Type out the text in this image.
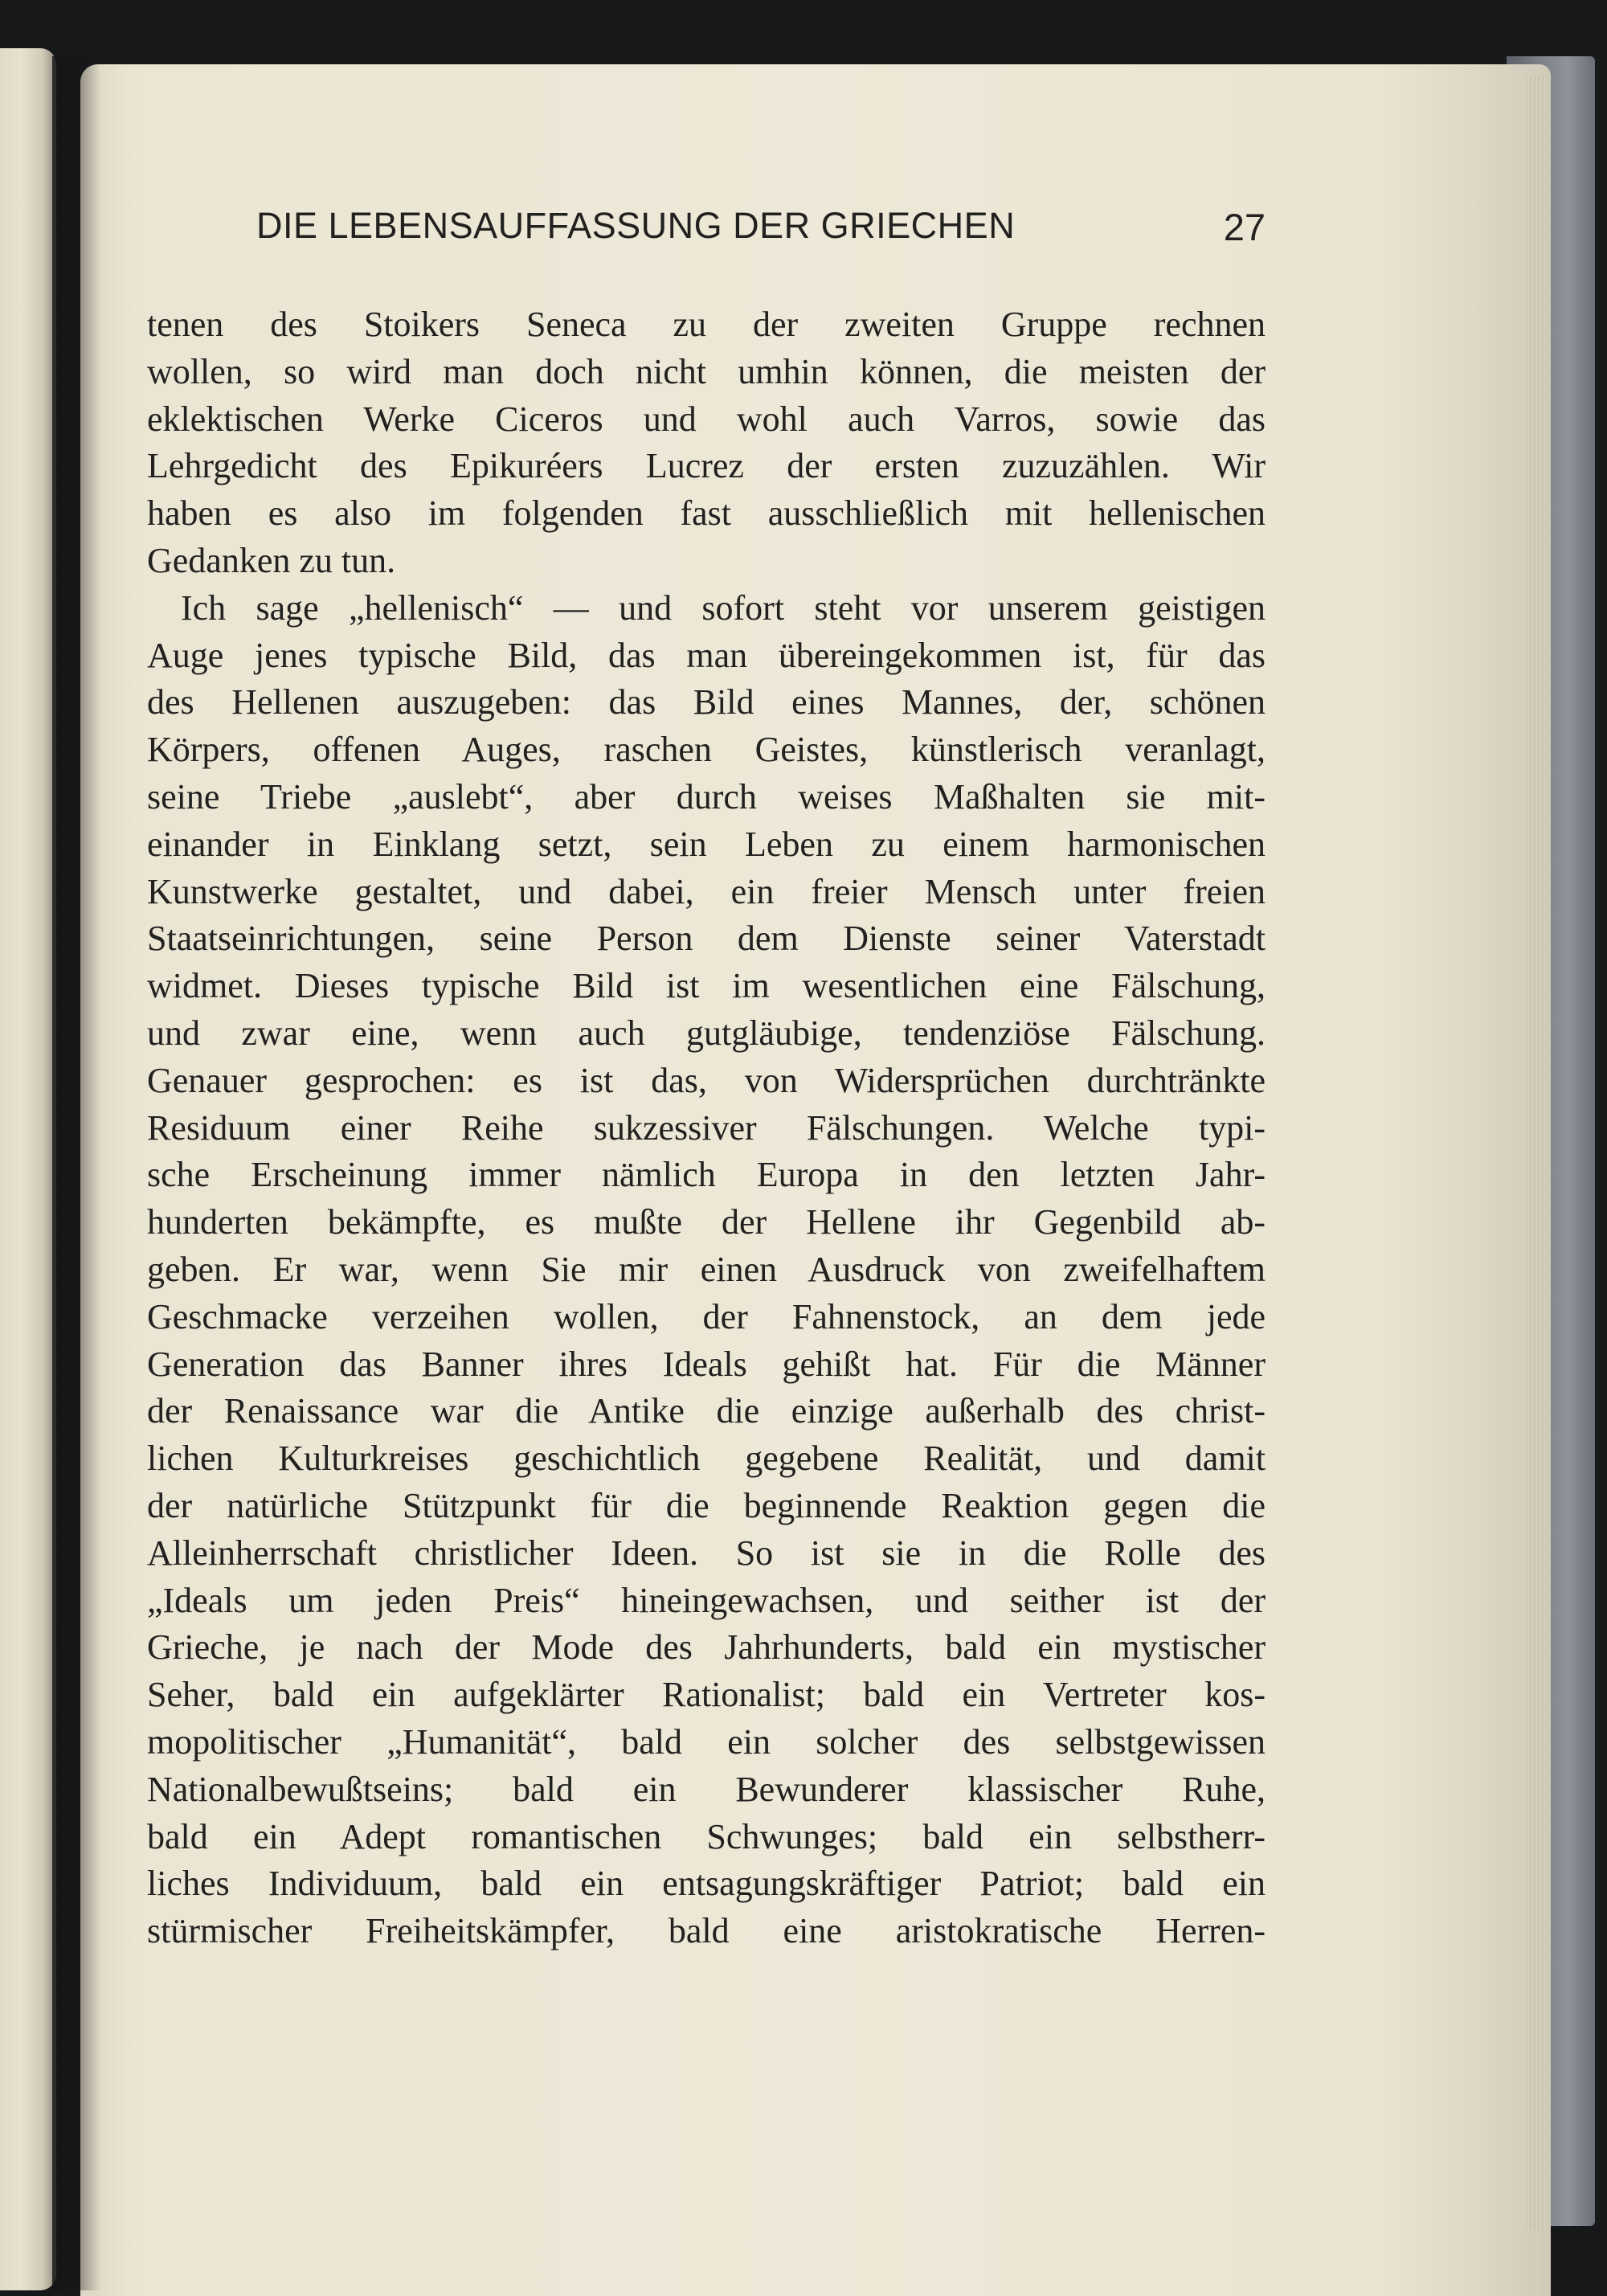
DIE LEBENSAUFFASSUNG DER GRIECHEN	27
tenen des Stoikers Seneca zu der zweiten Gruppe rechnen
wollen, so wird man doch nicht umhin können, die meisten der
eklektischen Werke Ciceros und wohl auch Varros, sowie das
Lehrgedicht des Epikuréers Lucrez der ersten zuzuzählen. Wir
haben es also im folgenden fast ausschließlich mit hellenischen
Gedanken zu tun.
Ich sage „hellenisch“ — und sofort steht vor unserem geistigen
Auge jenes typische Bild, das man übereingekommen ist, für das
des Hellenen auszugeben: das Bild eines Mannes, der, schönen
Körpers, offenen Auges, raschen Geistes, künstlerisch veranlagt,
seine Triebe „auslebt“, aber durch weises Maßhalten sie mit-
einander in Einklang setzt, sein Leben zu einem harmonischen
Kunstwerke gestaltet, und dabei, ein freier Mensch unter freien
Staatseinrichtungen, seine Person dem Dienste seiner Vaterstadt
widmet. Dieses typische Bild ist im wesentlichen eine Fälschung,
und zwar eine, wenn auch gutgläubige, tendenziöse Fälschung.
Genauer gesprochen: es ist das, von Widersprüchen durchtränkte
Residuum einer Reihe sukzessiver Fälschungen. Welche typi-
sche Erscheinung immer nämlich Europa in den letzten Jahr-
hunderten bekämpfte, es mußte der Hellene ihr Gegenbild ab-
geben. Er war, wenn Sie mir einen Ausdruck von zweifelhaftem
Geschmacke verzeihen wollen, der Fahnenstock, an dem jede
Generation das Banner ihres Ideals gehißt hat. Für die Männer
der Renaissance war die Antike die einzige außerhalb des christ-
lichen Kulturkreises geschichtlich gegebene Realität, und damit
der natürliche Stützpunkt für die beginnende Reaktion gegen die
Alleinherrschaft christlicher Ideen. So ist sie in die Rolle des
„Ideals um jeden Preis“ hineingewachsen, und seither ist der
Grieche, je nach der Mode des Jahrhunderts, bald ein mystischer
Seher, bald ein aufgeklärter Rationalist; bald ein Vertreter kos-
mopolitischer „Humanität“, bald ein solcher des selbstgewissen
Nationalbewußtseins; bald ein Bewunderer klassischer Ruhe,
bald ein Adept romantischen Schwunges; bald ein selbstherr-
liches Individuum, bald ein entsagungskräftiger Patriot; bald ein
stürmischer Freiheitskämpfer, bald eine aristokratische Herren-
